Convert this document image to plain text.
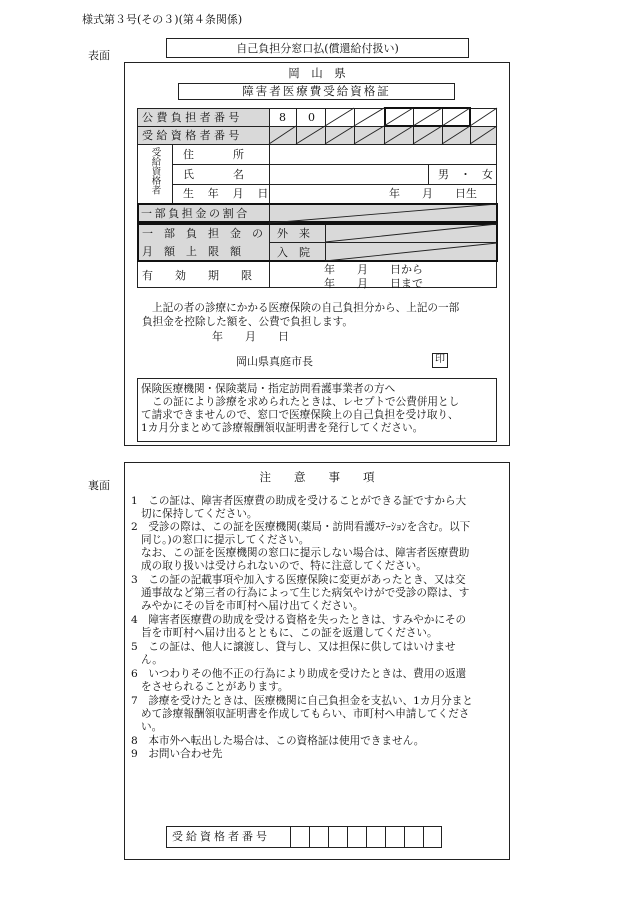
様式第３号(その３)(第４条関係)
表面
自己負担分窓口払(償還給付扱い)
岡　山　県
障害者医療費受給資格証
公費負担者番号	8 0
受給資格者番号
受給資格者 住　　　所
氏　　　名	男　・　女
生　年　月　日	年　　月　　日生
一部負担金の割合
一　部　負　担　金　の
月　額　上　限　額
外　来
入　院
有　　効　　期　　限	年　　月　　日から
年　　月　　日まで
上記の者の診療にかかる医療保険の自己負担分から、上記の一部
負担金を控除した額を、公費で負担します。
年　　月　　日
岡山県真庭市長	印
保険医療機関・保険薬局・指定訪問看護事業者の方へ
この証により診療を求められたときは、レセプトで公費併用とし
て請求できませんので、窓口で医療保険上の自己負担を受け取り、
1カ月分まとめて診療報酬領収証明書を発行してください。
裏面
注　　意　　事　　項
1　この証は、障害者医療費の助成を受けることができる証ですから大
切に保持してください。
2　受診の際は、この証を医療機関(薬局・訪問看護ｽﾃｰｼｮﾝを含む。以下
同じ。)の窓口に提示してください。
なお、この証を医療機関の窓口に提示しない場合は、障害者医療費助
成の取り扱いは受けられないので、特に注意してください。
3　この証の記載事項や加入する医療保険に変更があったとき、又は交
通事故など第三者の行為によって生じた病気やけがで受診の際は、す
みやかにその旨を市町村へ届け出てください。
4　障害者医療費の助成を受ける資格を失ったときは、すみやかにその
旨を市町村へ届け出るとともに、この証を返還してください。
5　この証は、他人に譲渡し、貸与し、又は担保に供してはいけませ
ん。
6　いつわりその他不正の行為により助成を受けたときは、費用の返還
をさせられることがあります。
7　診療を受けたときは、医療機関に自己負担金を支払い、1カ月分まと
めて診療報酬領収証明書を作成してもらい、市町村へ申請してくださ
い。
8　本市外へ転出した場合は、この資格証は使用できません。
9　お問い合わせ先
受給資格者番号
